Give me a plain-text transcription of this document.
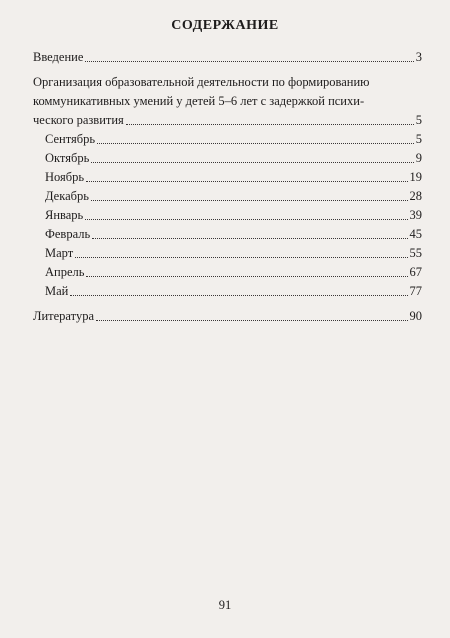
СОДЕРЖАНИЕ
Введение	3
Организация образовательной деятельности по формированию
коммуникативных умений у детей 5–6 лет с задержкой психи-
ческого развития	5
Сентябрь	5
Октябрь	9
Ноябрь	19
Декабрь	28
Январь	39
Февраль	45
Март	55
Апрель	67
Май	77
Литература	90
91
